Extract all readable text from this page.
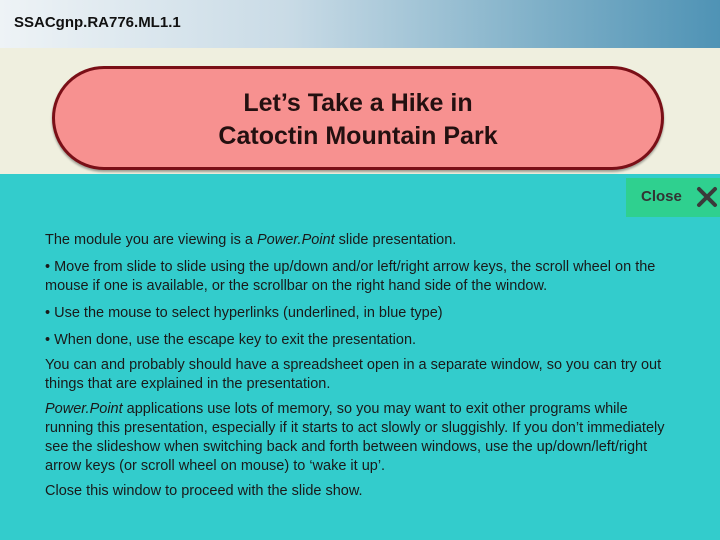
SSACgnp.RA776.ML1.1
Let’s Take a Hike in
Catoctin Mountain Park
Close

The module you are viewing is a Power.Point slide presentation.

• Move from slide to slide using the up/down and/or left/right arrow keys, the scroll wheel on the mouse if one is available, or the scrollbar on the right hand side of the window.

• Use the mouse to select hyperlinks (underlined, in blue type)

• When done, use the escape key to exit the presentation.

You can and probably should have a spreadsheet open in a separate window, so you can try out things that are explained in the presentation.

Power.Point applications use lots of memory, so you may want to exit other programs while running this presentation, especially if it starts to act slowly or sluggishly. If you don’t immediately see the slideshow when switching back and forth between windows, use the up/down/left/right arrow keys (or scroll wheel on mouse) to ‘wake it up’.

Close this window to proceed with the slide show.
